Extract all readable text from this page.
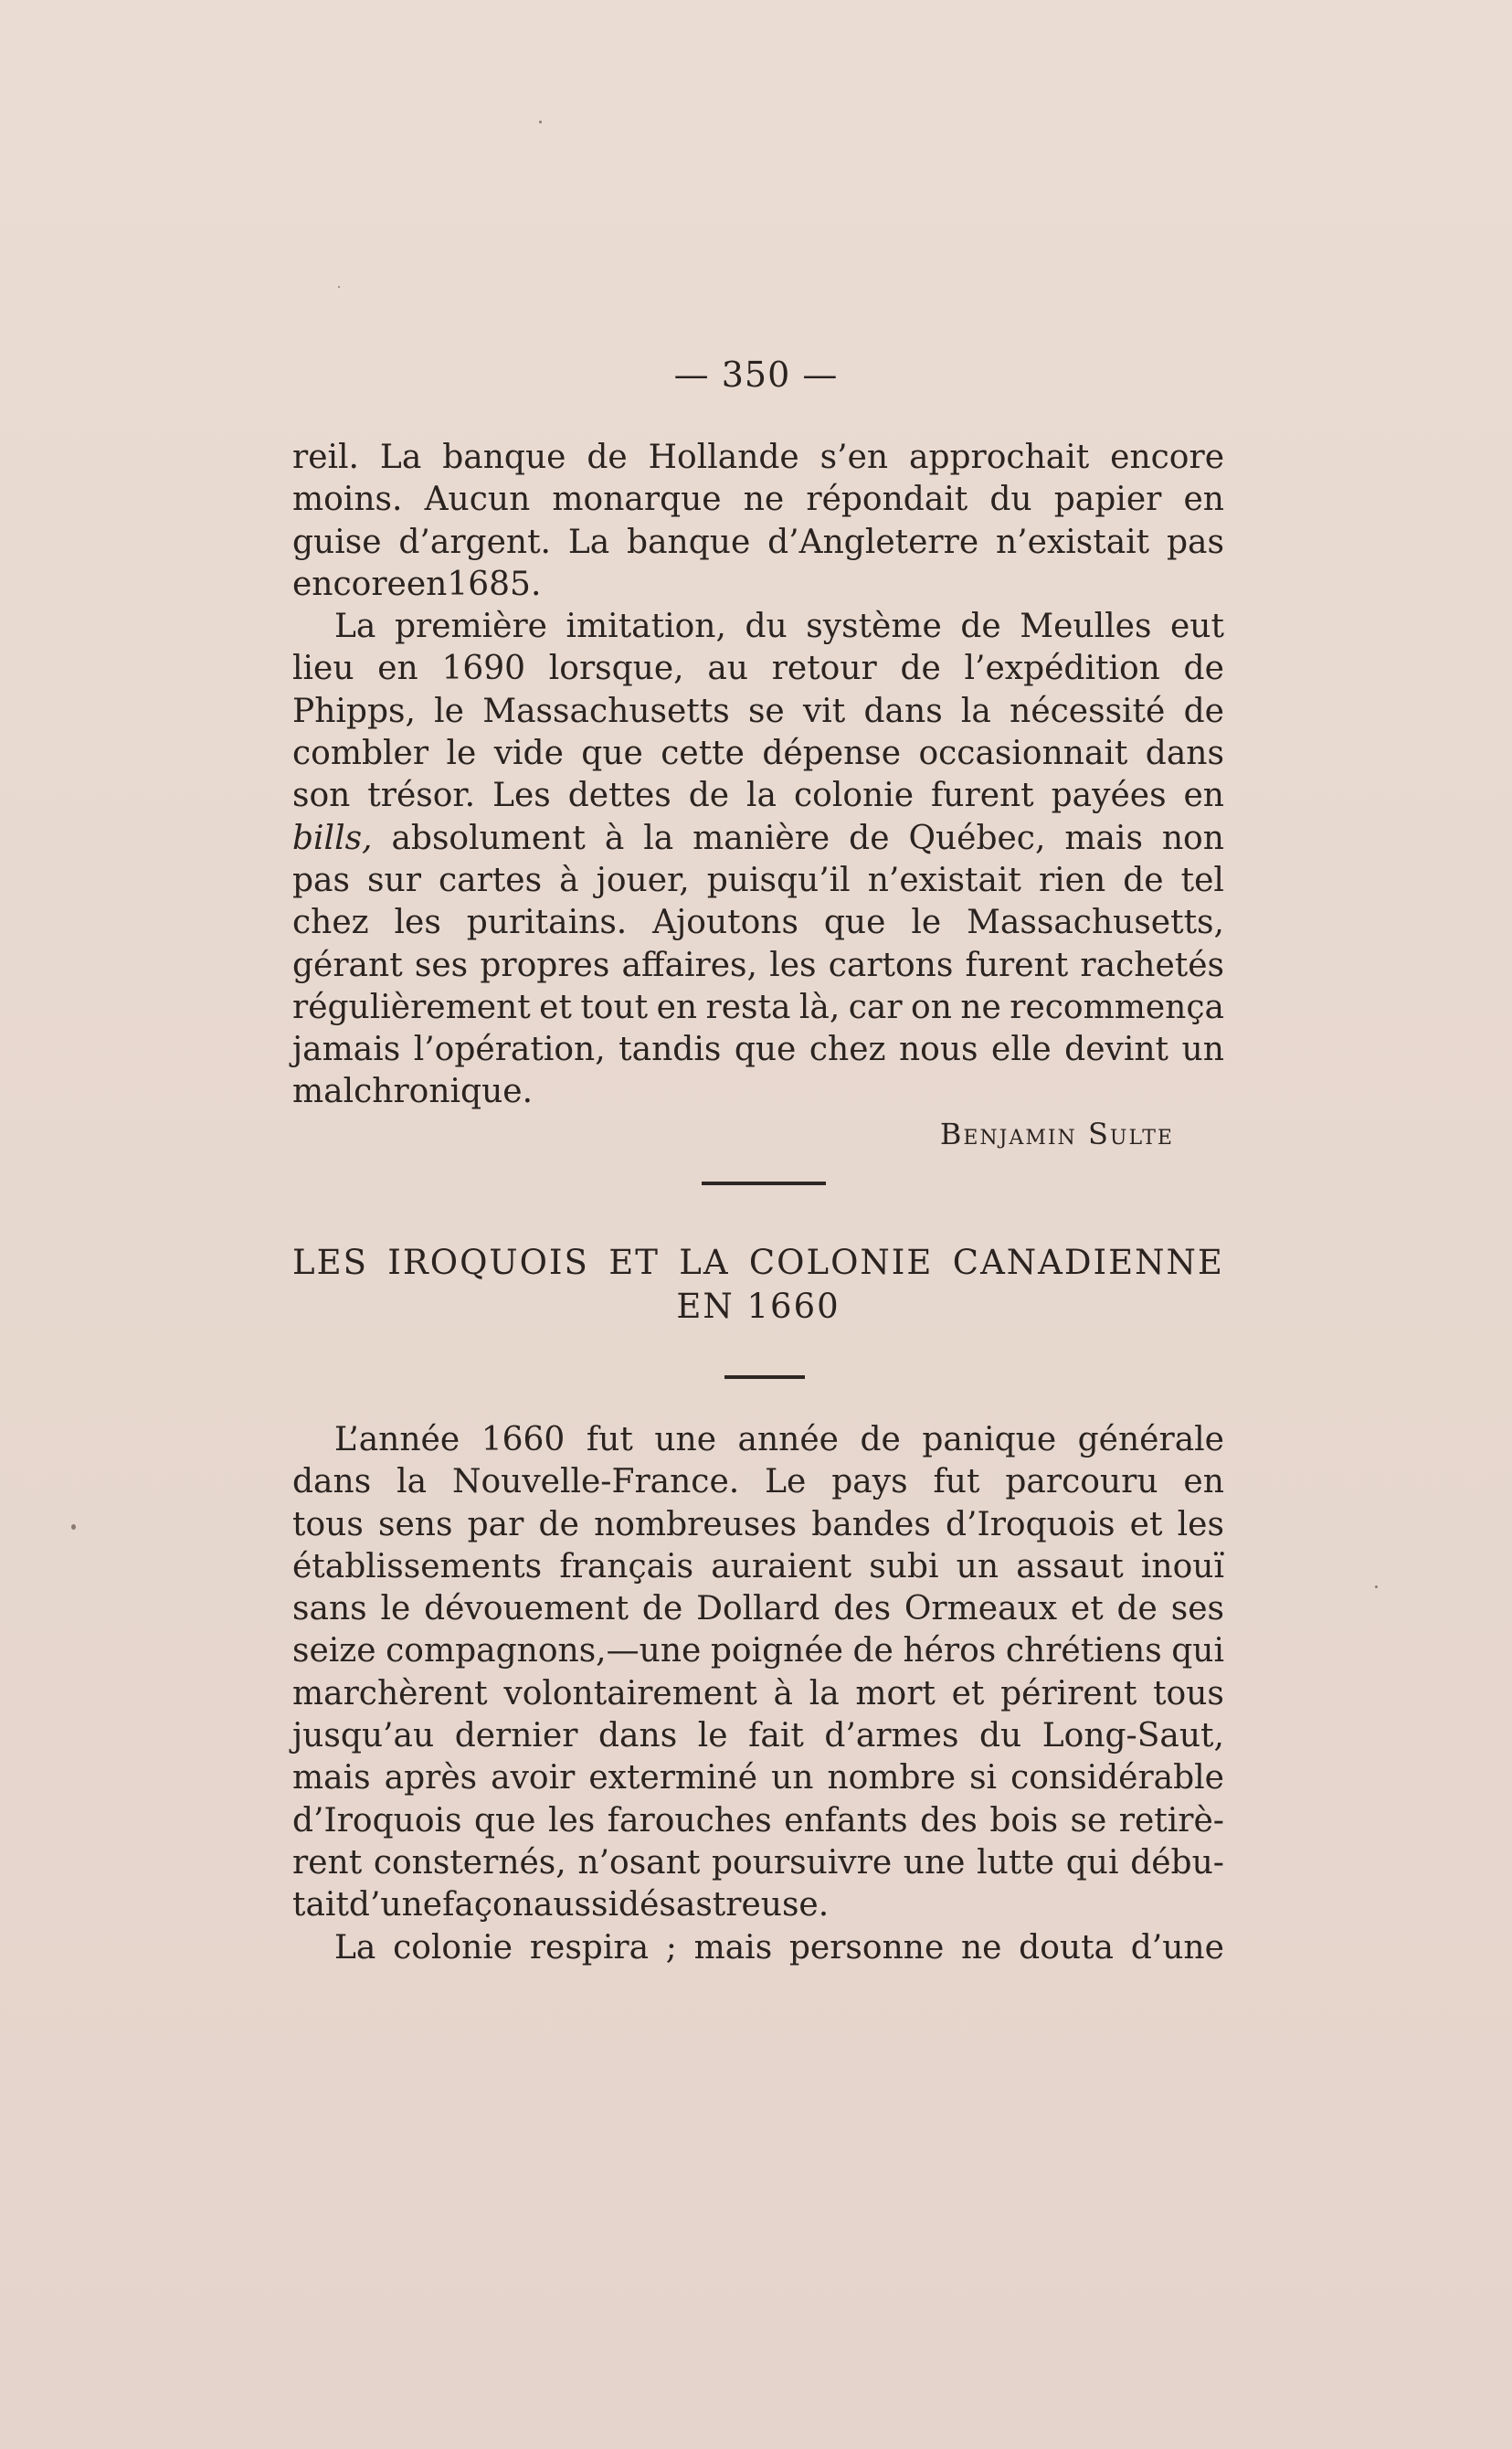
— 350 —
reil. La banque de Hollande s’en approchait encore
moins. Aucun monarque ne répondait du papier en
guise d’argent. La banque d’Angleterre n’existait pas
encore en 1685.
La première imitation, du système de Meulles eut
lieu en 1690 lorsque, au retour de l’expédition de
Phipps, le Massachusetts se vit dans la nécessité de
combler le vide que cette dépense occasionnait dans
son trésor. Les dettes de la colonie furent payées en
bills, absolument à la manière de Québec, mais non
pas sur cartes à jouer, puisqu’il n’existait rien de tel
chez les puritains. Ajoutons que le Massachusetts,
gérant ses propres affaires, les cartons furent rachetés
régulièrement et tout en resta là, car on ne recommença
jamais l’opération, tandis que chez nous elle devint un
mal chronique.
Benjamin Sulte
LES IROQUOIS ET LA COLONIE CANADIENNE
EN 1660
L’année 1660 fut une année de panique générale
dans la Nouvelle-France. Le pays fut parcouru en
tous sens par de nombreuses bandes d’Iroquois et les
établissements français auraient subi un assaut inouï
sans le dévouement de Dollard des Ormeaux et de ses
seize compagnons,—une poignée de héros chrétiens qui
marchèrent volontairement à la mort et périrent tous
jusqu’au dernier dans le fait d’armes du Long-Saut,
mais après avoir exterminé un nombre si considérable
d’Iroquois que les farouches enfants des bois se retirè-
rent consternés, n’osant poursuivre une lutte qui débu-
tait d’une façon aussi désastreuse.
La colonie respira ; mais personne ne douta d’une
